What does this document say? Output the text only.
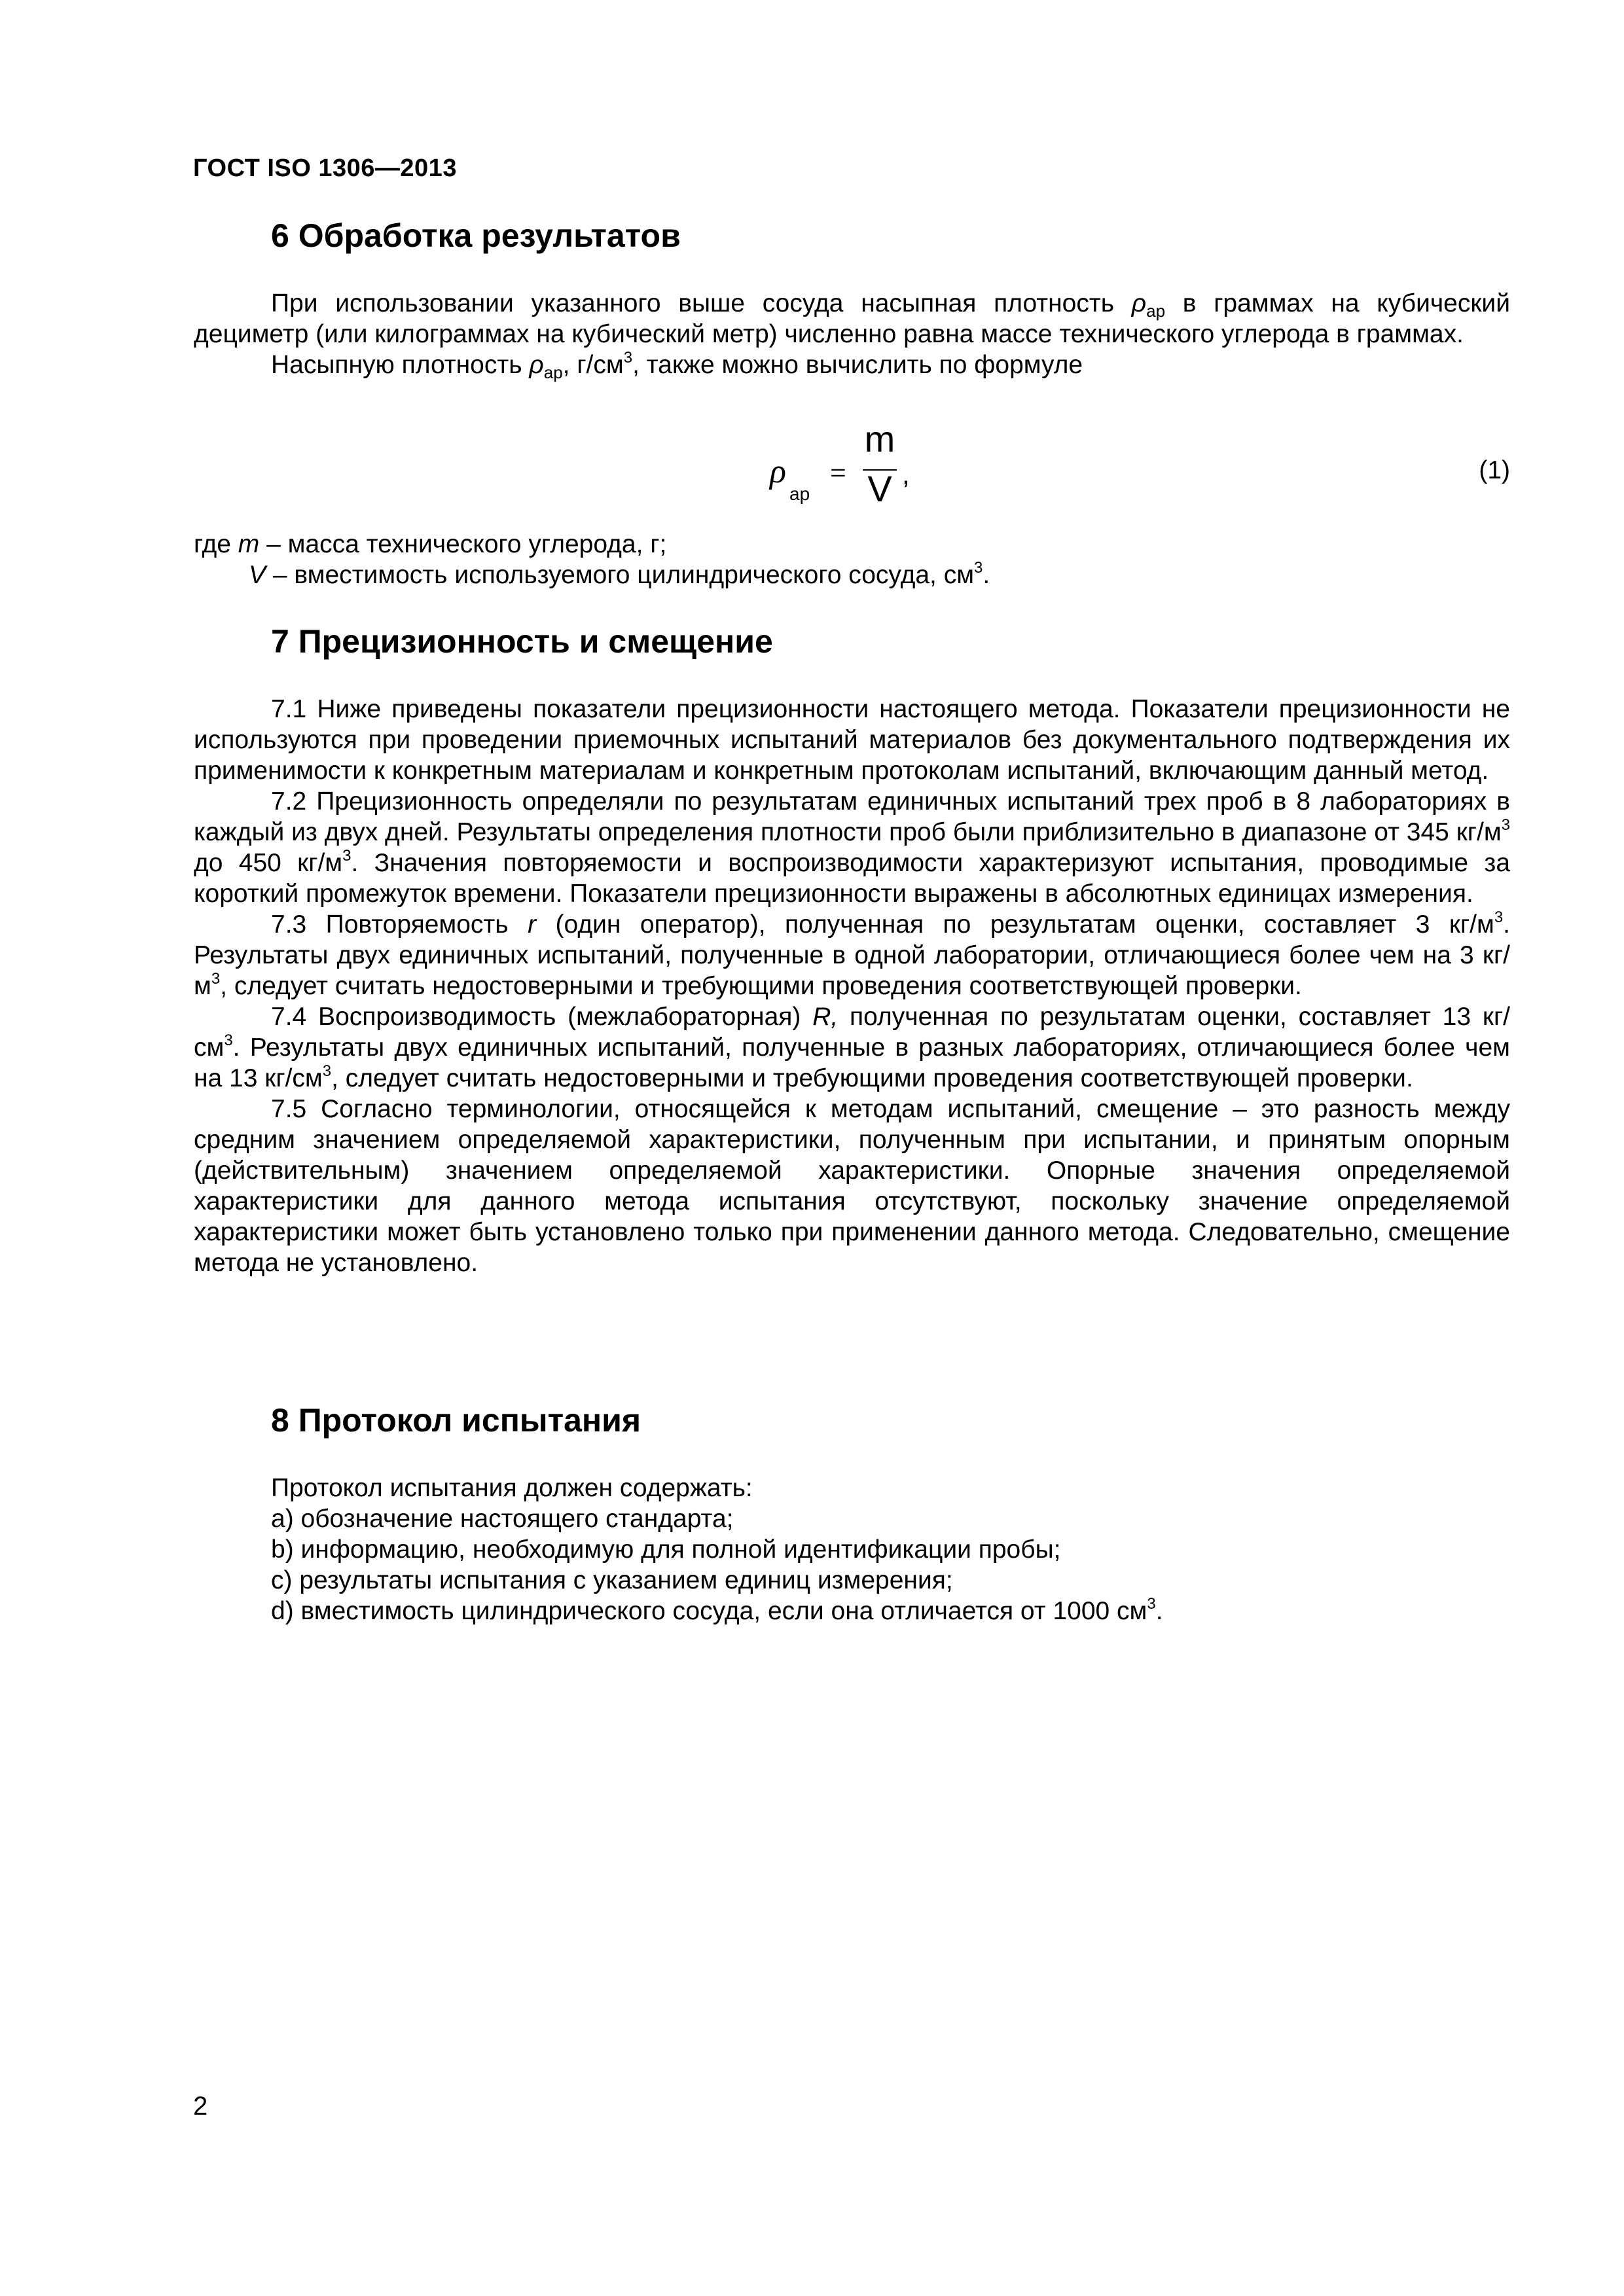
ГОСТ ISO 1306—2013
6 Обработка результатов

При использовании указанного выше сосуда насыпная плотность $\rho_{ap}$ в граммах на кубический дециметр (или килограммах на кубический метр) численно равна массе технического углерода в граммах.

Насыпную плотность $\rho_{ap}$, $г/см^3$, также можно вычислить по формуле

ρ
ap
=
m
V ,	(1)
где m – масса технического углерода, г;
V – вместимость используемого цилиндрического сосуда, $см^3$.
7 Прецизионность и смещение

7.1 Ниже приведены показатели прецизионности настоящего метода. Показатели прецизионности не используются при проведении приемочных испытаний материалов без документального подтверждения их применимости к конкретным материалам и конкретным протоколам испытаний, включающим данный метод.

7.2 Прецизионность определяли по результатам единичных испытаний трех проб в 8 лабораториях в каждый из двух дней. Результаты определения плотности проб были приблизительно в диапазоне от 345 $кг/м^3$ до 450 $кг/м^3$. Значения повторяемости и воспроизводимости характеризуют испытания, проводимые за короткий промежуток времени. Показатели прецизионности выражены в абсолютных единицах измерения.

7.3 Повторяемость r (один оператор), полученная по результатам оценки, составляет 3 $кг/м^3$. Результаты двух единичных испытаний, полученные в одной лаборатории, отличающиеся более чем на 3 $кг/м^3$, следует считать недостоверными и требующими проведения соответствующей проверки.

7.4 Воспроизводимость (межлабораторная) R, полученная по результатам оценки, составляет 13 $кг/см^3$. Результаты двух единичных испытаний, полученные в разных лабораториях, отличающиеся более чем на 13 $кг/см^3$, следует считать недостоверными и требующими проведения соответствующей проверки.

7.5 Согласно терминологии, относящейся к методам испытаний, смещение – это разность между средним значением определяемой характеристики, полученным при испытании, и принятым опорным (действительным) значением определяемой характеристики. Опорные значения определяемой характеристики для данного метода испытания отсутствуют, поскольку значение определяемой характеристики может быть установлено только при применении данного метода. Следовательно, смещение метода не установлено.

8 Протокол испытания
Протокол испытания должен содержать:
a) обозначение настоящего стандарта;
b) информацию, необходимую для полной идентификации пробы;
c) результаты испытания с указанием единиц измерения;
d) вместимость цилиндрического сосуда, если она отличается от 1000 $см^3$.
2
